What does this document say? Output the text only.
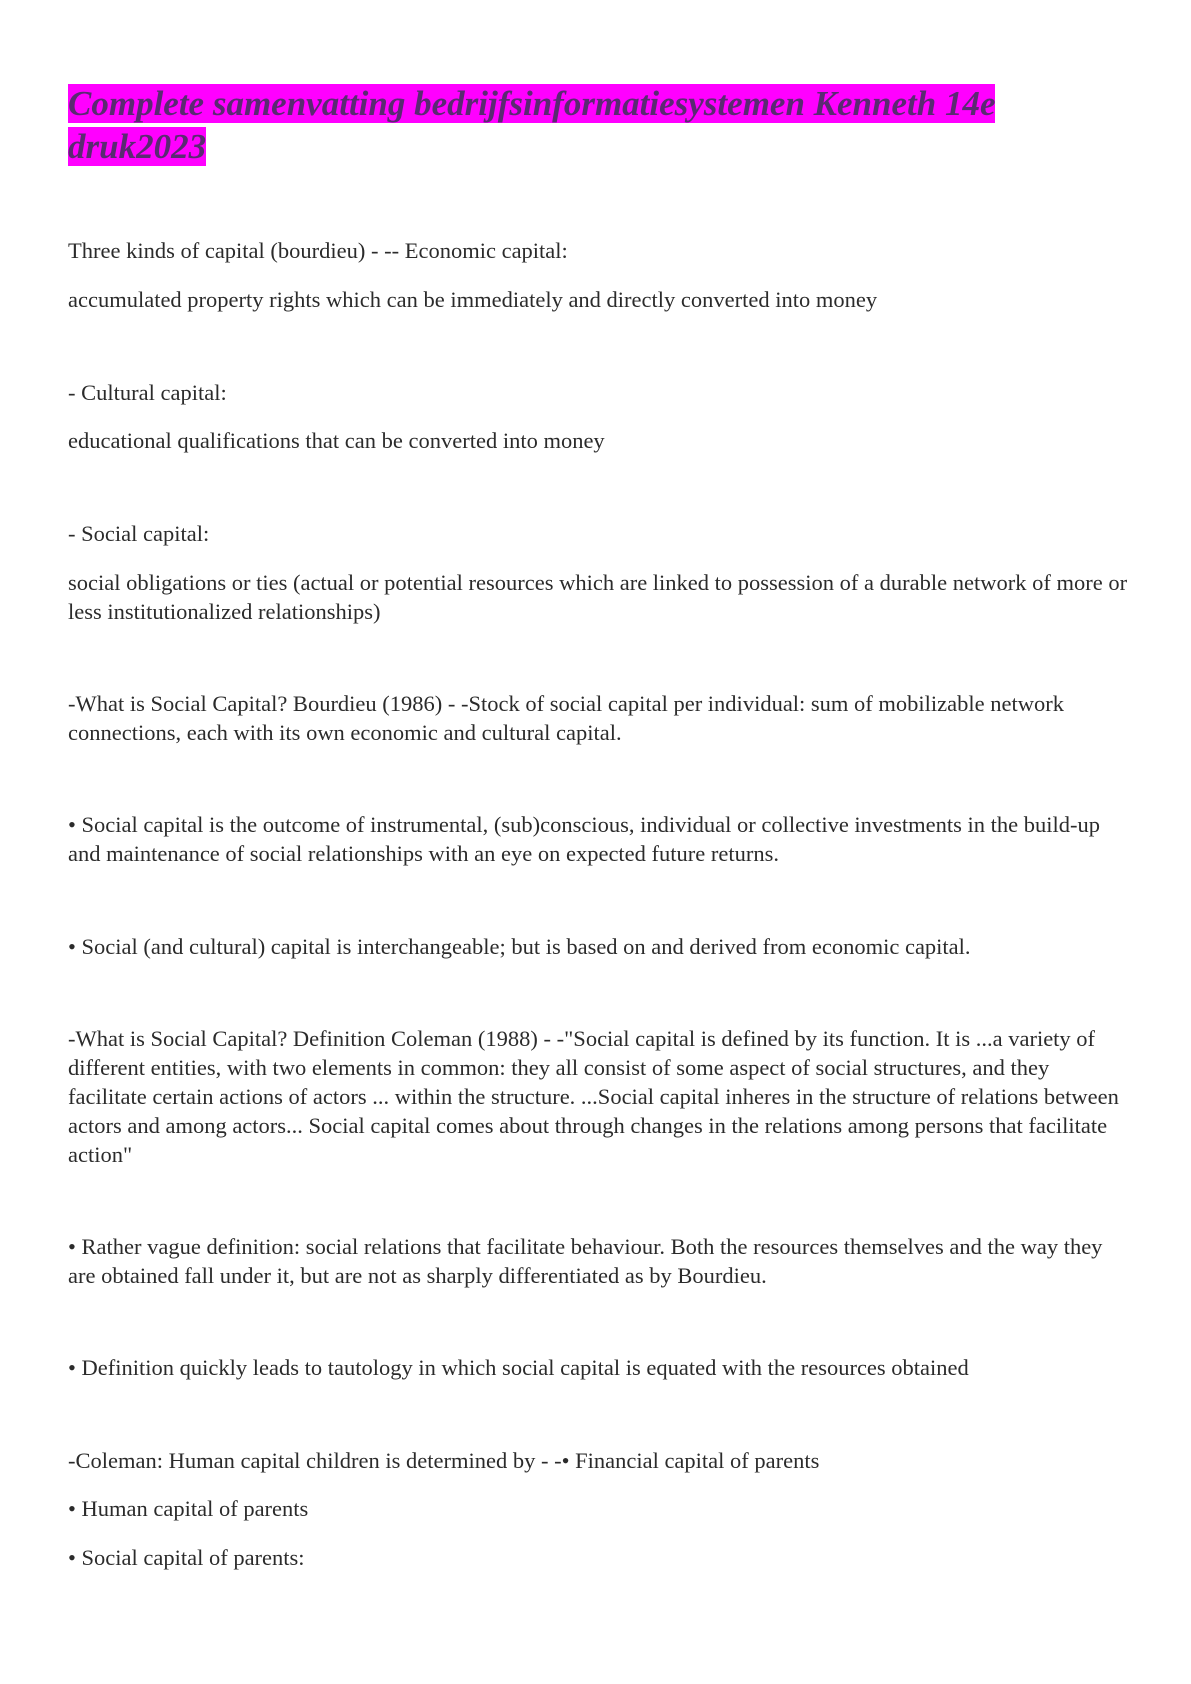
Complete samenvatting bedrijfsinformatiesystemen Kenneth 14e
druk2023

Three kinds of capital (bourdieu) - -- Economic capital:

accumulated property rights which can be immediately and directly converted into money

- Cultural capital:

educational qualifications that can be converted into money

- Social capital:

social obligations or ties (actual or potential resources which are linked to possession of a durable network of more or less institutionalized relationships)

-What is Social Capital? Bourdieu (1986) - -Stock of social capital per individual: sum of mobilizable network connections, each with its own economic and cultural capital.

• Social capital is the outcome of instrumental, (sub)conscious, individual or collective investments in the build-up and maintenance of social relationships with an eye on expected future returns.

• Social (and cultural) capital is interchangeable; but is based on and derived from economic capital.

-What is Social Capital? Definition Coleman (1988) - -"Social capital is defined by its function. It is ...a variety of different entities, with two elements in common: they all consist of some aspect of social structures, and they facilitate certain actions of actors ... within the structure. ...Social capital inheres in the structure of relations between actors and among actors... Social capital comes about through changes in the relations among persons that facilitate action"

• Rather vague definition: social relations that facilitate behaviour. Both the resources themselves and the way they are obtained fall under it, but are not as sharply differentiated as by Bourdieu.

• Definition quickly leads to tautology in which social capital is equated with the resources obtained

-Coleman: Human capital children is determined by - -• Financial capital of parents

• Human capital of parents

• Social capital of parents:
